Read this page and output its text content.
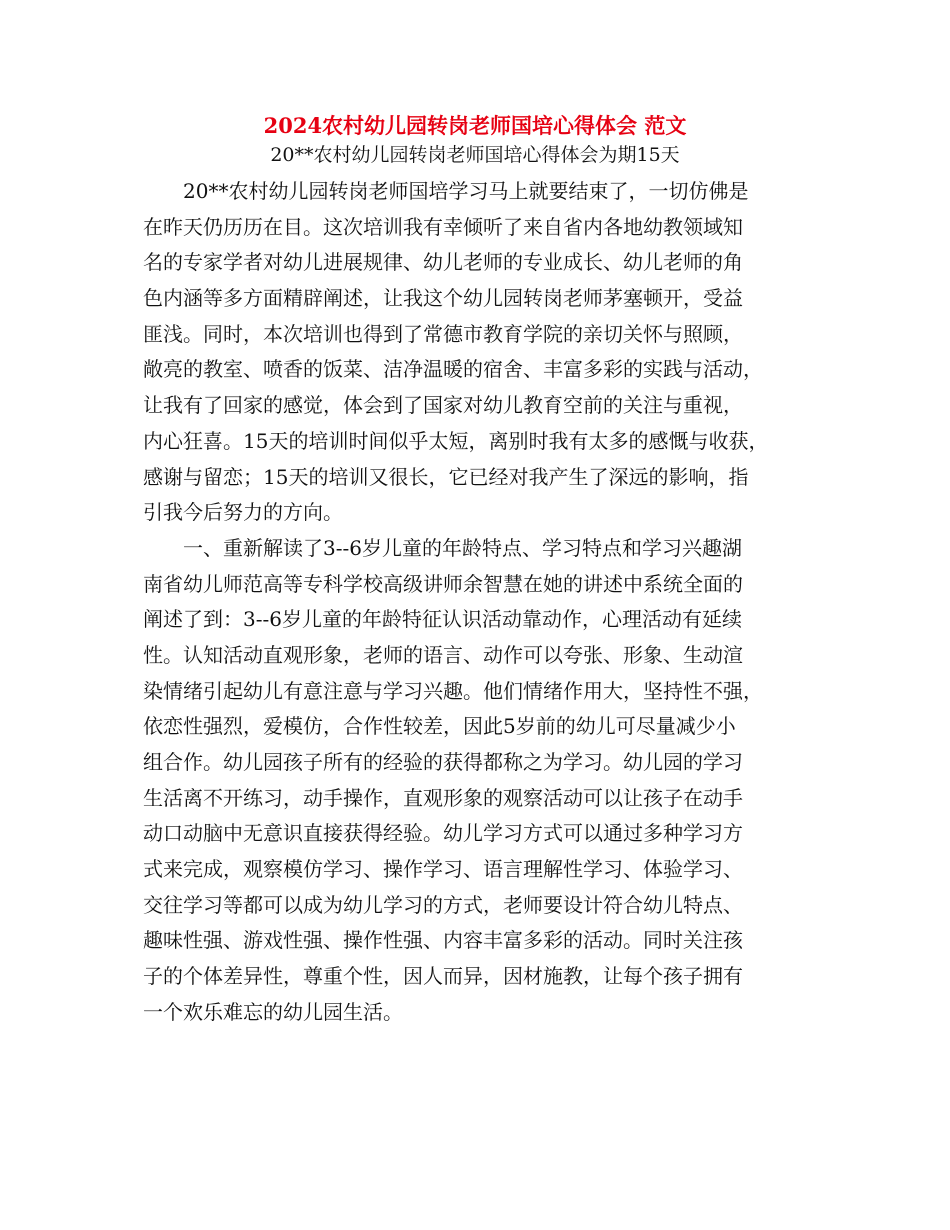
2024农村幼儿园转岗老师国培心得体会 范文
20**农村幼儿园转岗老师国培心得体会为期15天
20**农村幼儿园转岗老师国培学习马上就要结束了，一切仿佛是
在昨天仍历历在目。这次培训我有幸倾听了来自省内各地幼教领域知
名的专家学者对幼儿进展规律、幼儿老师的专业成长、幼儿老师的角
色内涵等多方面精辟阐述，让我这个幼儿园转岗老师茅塞顿开，受益
匪浅。同时，本次培训也得到了常德市教育学院的亲切关怀与照顾，
敞亮的教室、喷香的饭菜、洁净温暖的宿舍、丰富多彩的实践与活动，
让我有了回家的感觉，体会到了国家对幼儿教育空前的关注与重视，
内心狂喜。15天的培训时间似乎太短，离别时我有太多的感慨与收获，
感谢与留恋；15天的培训又很长，它已经对我产生了深远的影响，指
引我今后努力的方向。
一、重新解读了3--6岁儿童的年龄特点、学习特点和学习兴趣湖
南省幼儿师范高等专科学校高级讲师余智慧在她的讲述中系统全面的
阐述了到：3--6岁儿童的年龄特征认识活动靠动作，心理活动有延续
性。认知活动直观形象，老师的语言、动作可以夸张、形象、生动渲
染情绪引起幼儿有意注意与学习兴趣。他们情绪作用大，坚持性不强，
依恋性强烈，爱模仿，合作性较差，因此5岁前的幼儿可尽量减少小
组合作。幼儿园孩子所有的经验的获得都称之为学习。幼儿园的学习
生活离不开练习，动手操作，直观形象的观察活动可以让孩子在动手
动口动脑中无意识直接获得经验。幼儿学习方式可以通过多种学习方
式来完成，观察模仿学习、操作学习、语言理解性学习、体验学习、
交往学习等都可以成为幼儿学习的方式，老师要设计符合幼儿特点、
趣味性强、游戏性强、操作性强、内容丰富多彩的活动。同时关注孩
子的个体差异性，尊重个性，因人而异，因材施教，让每个孩子拥有
一个欢乐难忘的幼儿园生活。
